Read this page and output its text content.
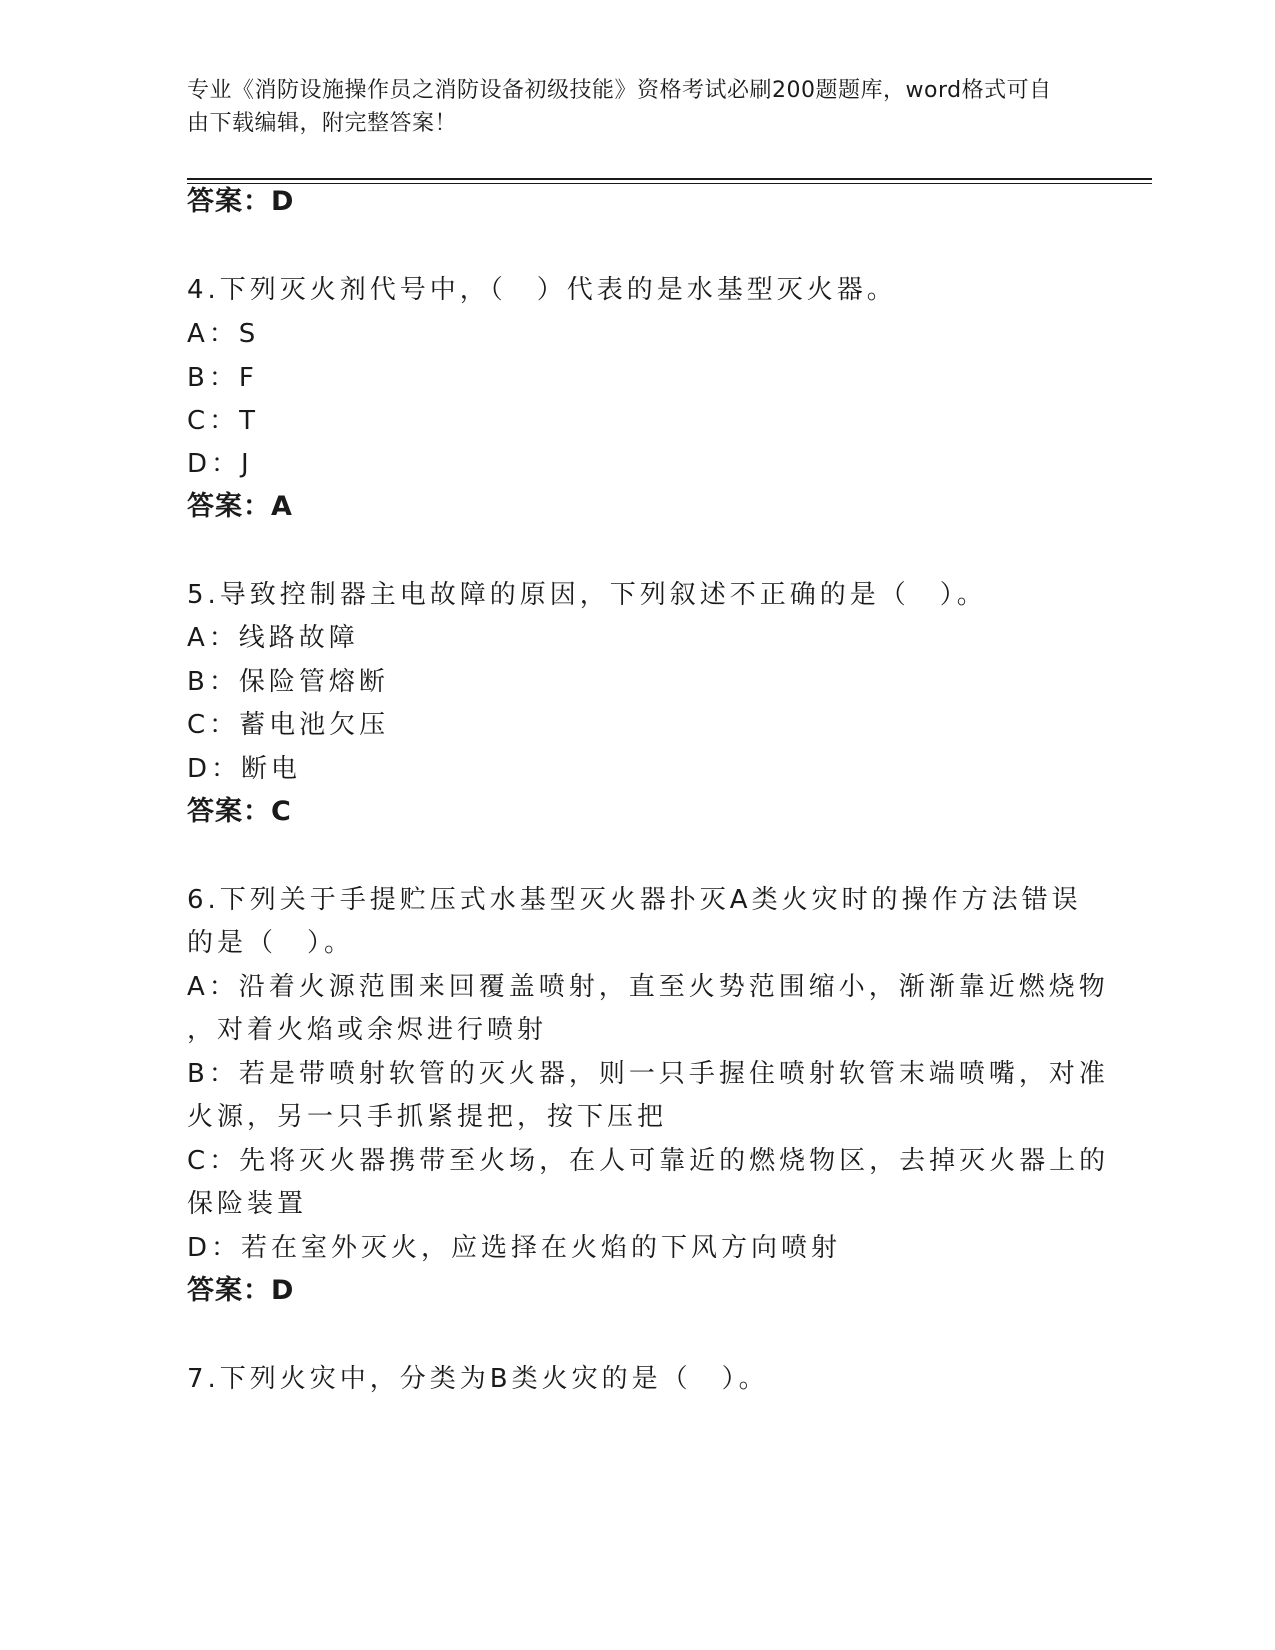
专业《消防设施操作员之消防设备初级技能》资格考试必刷200题题库，word格式可自由下载编辑，附完整答案！
答案：D
4.下列灭火剂代号中，（　）代表的是水基型灭火器。
A：S
B：F
C：T
D：J
答案：A
5.导致控制器主电故障的原因，下列叙述不正确的是（　）。
A：线路故障
B：保险管熔断
C：蓄电池欠压
D：断电
答案：C
6.下列关于手提贮压式水基型灭火器扑灭A类火灾时的操作方法错误
的是（　）。
A：沿着火源范围来回覆盖喷射，直至火势范围缩小，渐渐靠近燃烧物
，对着火焰或余烬进行喷射
B：若是带喷射软管的灭火器，则一只手握住喷射软管末端喷嘴，对准
火源，另一只手抓紧提把，按下压把
C：先将灭火器携带至火场，在人可靠近的燃烧物区，去掉灭火器上的
保险装置
D：若在室外灭火，应选择在火焰的下风方向喷射
答案：D
7.下列火灾中，分类为B类火灾的是（　）。
